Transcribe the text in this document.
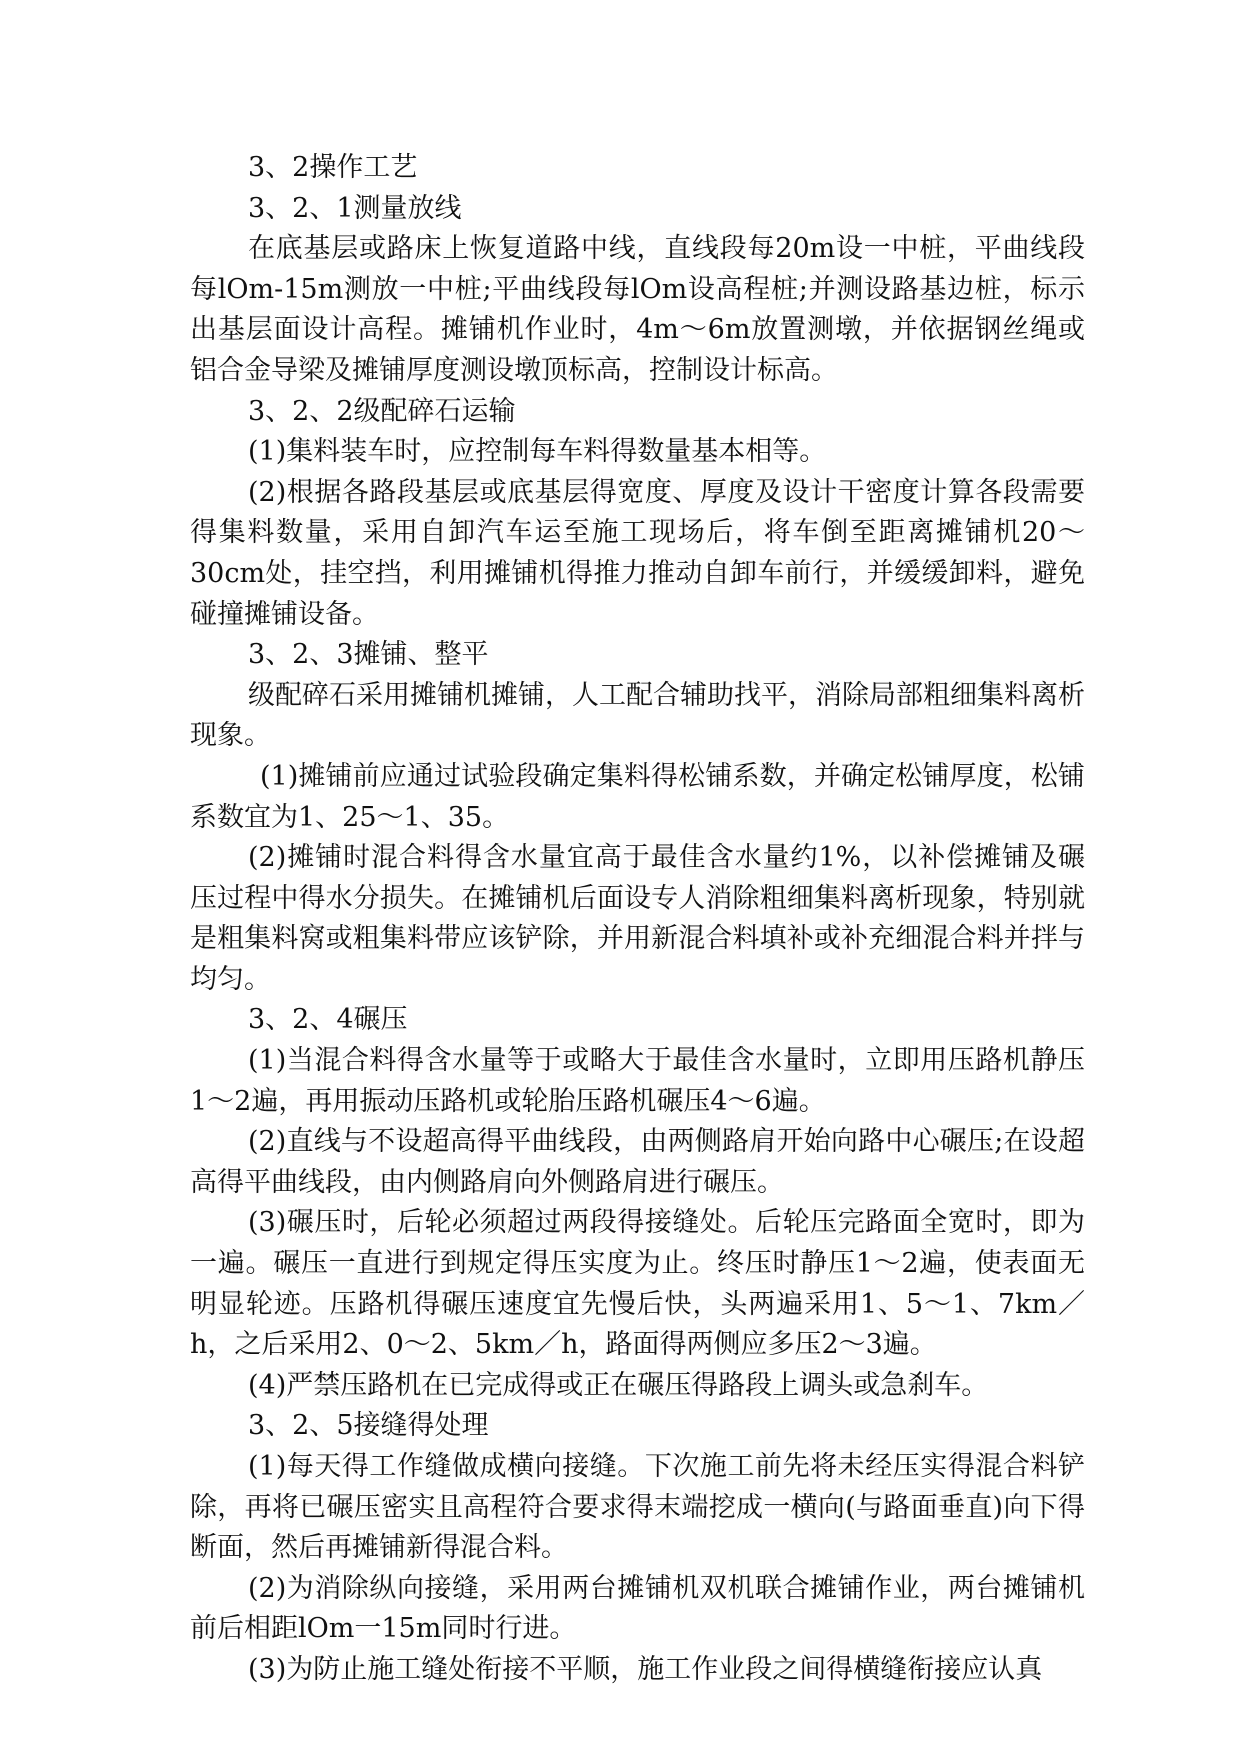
3、2操作工艺

3、2、1测量放线

在底基层或路床上恢复道路中线，直线段每20m设一中桩，平曲线段每lOm-15m测放一中桩;平曲线段每lOm设高程桩;并测设路基边桩，标示出基层面设计高程。摊铺机作业时，4m～6m放置测墩，并依据钢丝绳或铝合金导梁及摊铺厚度测设墩顶标高，控制设计标高。

3、2、2级配碎石运输

(1)集料装车时，应控制每车料得数量基本相等。

(2)根据各路段基层或底基层得宽度、厚度及设计干密度计算各段需要得集料数量，采用自卸汽车运至施工现场后，将车倒至距离摊铺机20～30cm处，挂空挡，利用摊铺机得推力推动自卸车前行，并缓缓卸料，避免碰撞摊铺设备。

3、2、3摊铺、整平

级配碎石采用摊铺机摊铺，人工配合辅助找平，消除局部粗细集料离析现象。

(1)摊铺前应通过试验段确定集料得松铺系数，并确定松铺厚度，松铺系数宜为1、25～1、35。

(2)摊铺时混合料得含水量宜高于最佳含水量约1%，以补偿摊铺及碾压过程中得水分损失。在摊铺机后面设专人消除粗细集料离析现象，特别就是粗集料窝或粗集料带应该铲除，并用新混合料填补或补充细混合料并拌与均匀。

3、2、4碾压

(1)当混合料得含水量等于或略大于最佳含水量时，立即用压路机静压1～2遍，再用振动压路机或轮胎压路机碾压4～6遍。

(2)直线与不设超高得平曲线段，由两侧路肩开始向路中心碾压;在设超高得平曲线段，由内侧路肩向外侧路肩进行碾压。

(3)碾压时，后轮必须超过两段得接缝处。后轮压完路面全宽时，即为一遍。碾压一直进行到规定得压实度为止。终压时静压1～2遍，使表面无明显轮迹。压路机得碾压速度宜先慢后快，头两遍采用1、5～1、7km／h，之后采用2、0～2、5km／h，路面得两侧应多压2～3遍。

(4)严禁压路机在已完成得或正在碾压得路段上调头或急刹车。

3、2、5接缝得处理

(1)每天得工作缝做成横向接缝。下次施工前先将未经压实得混合料铲除，再将已碾压密实且高程符合要求得末端挖成一横向(与路面垂直)向下得断面，然后再摊铺新得混合料。

(2)为消除纵向接缝，采用两台摊铺机双机联合摊铺作业，两台摊铺机前后相距lOm一15m同时行进。

(3)为防止施工缝处衔接不平顺，施工作业段之间得横缝衔接应认真
